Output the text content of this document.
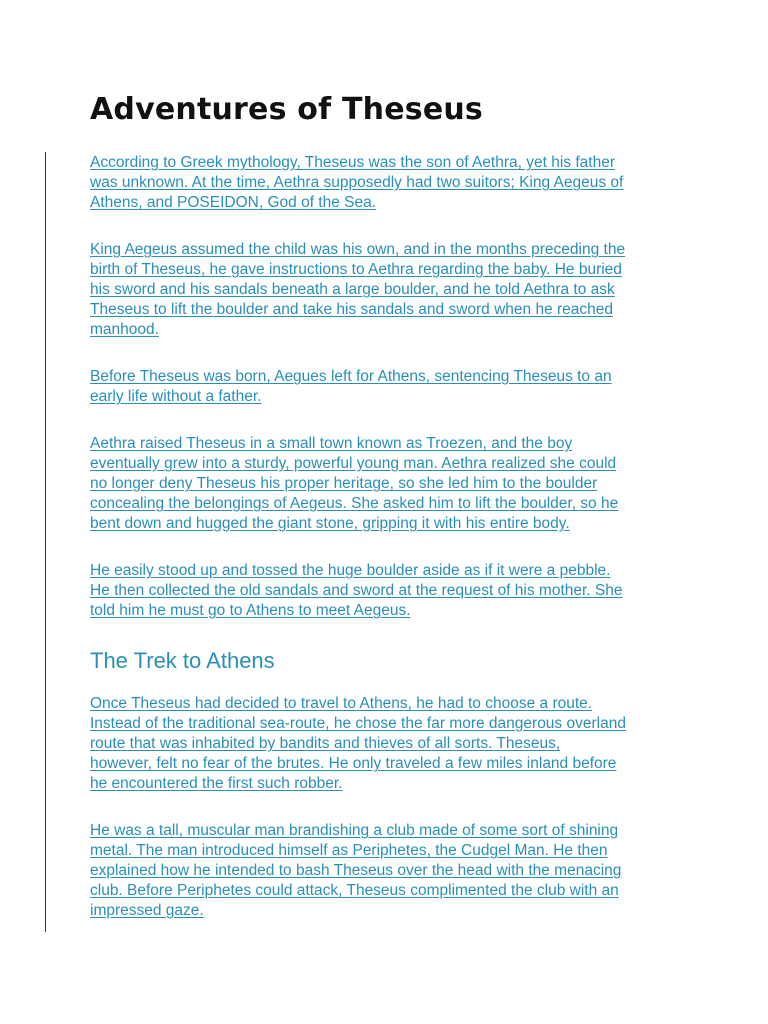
Adventures of Theseus

According to Greek mythology, Theseus was the son of Aethra, yet his father
was unknown. At the time, Aethra supposedly had two suitors; King Aegeus of
Athens, and POSEIDON, God of the Sea.

King Aegeus assumed the child was his own, and in the months preceding the
birth of Theseus, he gave instructions to Aethra regarding the baby. He buried
his sword and his sandals beneath a large boulder, and he told Aethra to ask
Theseus to lift the boulder and take his sandals and sword when he reached
manhood.

Before Theseus was born, Aegues left for Athens, sentencing Theseus to an
early life without a father.

Aethra raised Theseus in a small town known as Troezen, and the boy
eventually grew into a sturdy, powerful young man. Aethra realized she could
no longer deny Theseus his proper heritage, so she led him to the boulder
concealing the belongings of Aegeus. She asked him to lift the boulder, so he
bent down and hugged the giant stone, gripping it with his entire body.

He easily stood up and tossed the huge boulder aside as if it were a pebble.
He then collected the old sandals and sword at the request of his mother. She
told him he must go to Athens to meet Aegeus.

The Trek to Athens

Once Theseus had decided to travel to Athens, he had to choose a route.
Instead of the traditional sea-route, he chose the far more dangerous overland
route that was inhabited by bandits and thieves of all sorts. Theseus,
however, felt no fear of the brutes. He only traveled a few miles inland before
he encountered the first such robber.

He was a tall, muscular man brandishing a club made of some sort of shining
metal. The man introduced himself as Periphetes, the Cudgel Man. He then
explained how he intended to bash Theseus over the head with the menacing
club. Before Periphetes could attack, Theseus complimented the club with an
impressed gaze.
